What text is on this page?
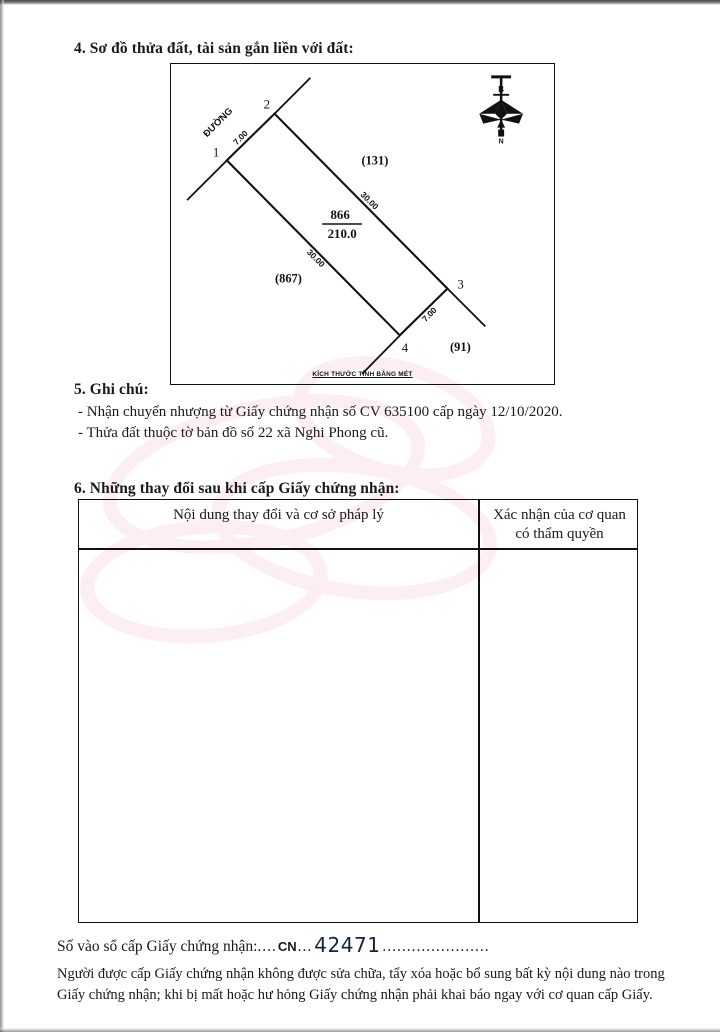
4. Sơ đồ thửa đất, tài sản gắn liền với đất:
1
2
3
4
ĐƯỜNG
7.00
30.00
30.00
7.00
866
210.0
(131)
(867)
(91)
B
N
KÍCH THƯỚC TÍNH BẰNG MÉT
5. Ghi chú:
- Nhận chuyển nhượng từ Giấy chứng nhận số CV 635100 cấp ngày 12/10/2020.
- Thửa đất thuộc tờ bản đồ số 22 xã Nghi Phong cũ.
6. Những thay đổi sau khi cấp Giấy chứng nhận:
Nội dung thay đổi và cơ sở pháp lý	Xác nhận của cơ quan
có thẩm quyền
Số vào sổ cấp Giấy chứng nhận:....CN... 42471 ......................
Người được cấp Giấy chứng nhận không được sửa chữa, tẩy xóa hoặc bổ sung bất kỳ nội dung nào trong
Giấy chứng nhận; khi bị mất hoặc hư hỏng Giấy chứng nhận phải khai báo ngay với cơ quan cấp Giấy.
